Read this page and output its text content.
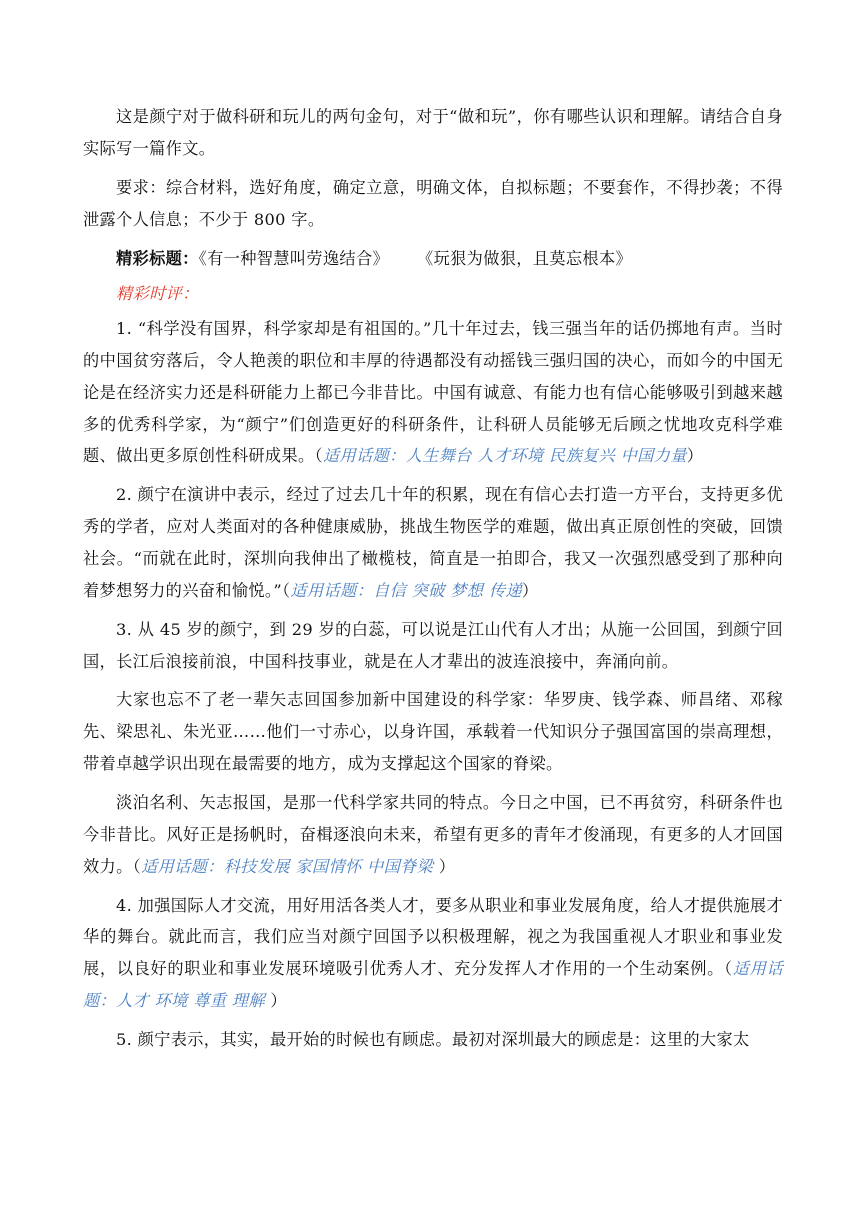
这是颜宁对于做科研和玩儿的两句金句，对于“做和玩”，你有哪些认识和理解。请结合自身实际写一篇作文。

要求：综合材料，选好角度，确定立意，明确文体，自拟标题；不要套作，不得抄袭；不得泄露个人信息；不少于 800 字。

精彩标题：《有一种智慧叫劳逸结合》 《玩狠为做狠，且莫忘根本》

精彩时评：

1. “科学没有国界，科学家却是有祖国的。”几十年过去，钱三强当年的话仍掷地有声。当时的中国贫穷落后，令人艳羡的职位和丰厚的待遇都没有动摇钱三强归国的决心，而如今的中国无论是在经济实力还是科研能力上都已今非昔比。中国有诚意、有能力也有信心能够吸引到越来越多的优秀科学家，为“颜宁”们创造更好的科研条件，让科研人员能够无后顾之忧地攻克科学难题、做出更多原创性科研成果。（适用话题：人生舞台 人才环境 民族复兴 中国力量）

2. 颜宁在演讲中表示，经过了过去几十年的积累，现在有信心去打造一方平台，支持更多优秀的学者，应对人类面对的各种健康威胁，挑战生物医学的难题，做出真正原创性的突破，回馈社会。“而就在此时，深圳向我伸出了橄榄枝，简直是一拍即合，我又一次强烈感受到了那种向着梦想努力的兴奋和愉悦。”（适用话题：自信 突破 梦想 传递）

3. 从 45 岁的颜宁，到 29 岁的白蕊，可以说是江山代有人才出；从施一公回国，到颜宁回国，长江后浪接前浪，中国科技事业，就是在人才辈出的波连浪接中，奔涌向前。

大家也忘不了老一辈矢志回国参加新中国建设的科学家：华罗庚、钱学森、师昌绪、邓稼先、梁思礼、朱光亚……他们一寸赤心，以身许国，承载着一代知识分子强国富国的崇高理想，带着卓越学识出现在最需要的地方，成为支撑起这个国家的脊梁。

淡泊名利、矢志报国，是那一代科学家共同的特点。今日之中国，已不再贫穷，科研条件也今非昔比。风好正是扬帆时，奋楫逐浪向未来，希望有更多的青年才俊涌现，有更多的人才回国效力。（适用话题：科技发展 家国情怀 中国脊梁 ）

4. 加强国际人才交流，用好用活各类人才，要多从职业和事业发展角度，给人才提供施展才华的舞台。就此而言，我们应当对颜宁回国予以积极理解，视之为我国重视人才职业和事业发展，以良好的职业和事业发展环境吸引优秀人才、充分发挥人才作用的一个生动案例。（适用话题：人才 环境 尊重 理解 ）

5. 颜宁表示，其实，最开始的时候也有顾虑。最初对深圳最大的顾虑是：这里的大家太
